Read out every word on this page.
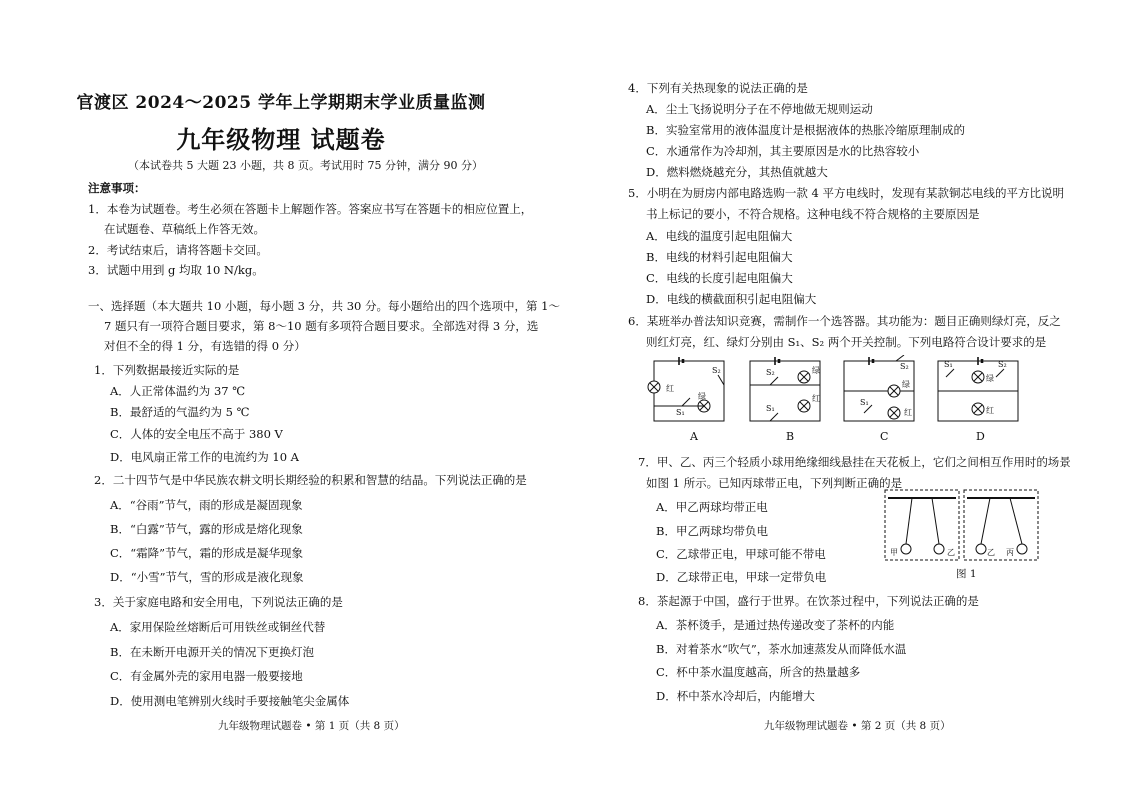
官渡区 2024～2025 学年上学期期末学业质量监测
九年级物理 试题卷
（本试卷共 5 大题 23 小题，共 8 页。考试用时 75 分钟，满分 90 分）
注意事项：
1．本卷为试题卷。考生必须在答题卡上解题作答。答案应书写在答题卡的相应位置上，
在试题卷、草稿纸上作答无效。
2．考试结束后，请将答题卡交回。
3．试题中用到 g 均取 10 N/kg。
一、选择题（本大题共 10 小题，每小题 3 分，共 30 分。每小题给出的四个选项中，第 1～
7 题只有一项符合题目要求，第 8～10 题有多项符合题目要求。全部选对得 3 分，选
对但不全的得 1 分，有选错的得 0 分）
1．下列数据最接近实际的是
A．人正常体温约为 37 ℃
B．最舒适的气温约为 5 ℃
C．人体的安全电压不高于 380 V
D．电风扇正常工作的电流约为 10 A
2．二十四节气是中华民族农耕文明长期经验的积累和智慧的结晶。下列说法正确的是
A．“谷雨”节气，雨的形成是凝固现象
B．“白露”节气，露的形成是熔化现象
C．“霜降”节气，霜的形成是凝华现象
D．“小雪”节气，雪的形成是液化现象
3．关于家庭电路和安全用电，下列说法正确的是
A．家用保险丝熔断后可用铁丝或铜丝代替
B．在未断开电源开关的情况下更换灯泡
C．有金属外壳的家用电器一般要接地
D．使用测电笔辨别火线时手要接触笔尖金属体
九年级物理试题卷 • 第 1 页（共 8 页）
4．下列有关热现象的说法正确的是
A．尘土飞扬说明分子在不停地做无规则运动
B．实验室常用的液体温度计是根据液体的热胀冷缩原理制成的
C．水通常作为冷却剂，其主要原因是水的比热容较小
D．燃料燃烧越充分，其热值就越大
5．小明在为厨房内部电路选购一款 4 平方电线时，发现有某款铜芯电线的平方比说明
书上标记的要小，不符合规格。这种电线不符合规格的主要原因是
A．电线的温度引起电阻偏大
B．电线的材料引起电阻偏大
C．电线的长度引起电阻偏大
D．电线的横截面积引起电阻偏大
6．某班举办普法知识竞赛，需制作一个选答器。其功能为：题目正确则绿灯亮，反之
则红灯亮，红、绿灯分别由 S₁、S₂ 两个开关控制。下列电路符合设计要求的是
红
绿
S₂
S₁
绿
红
S₂
S₁
绿
红
S₂
S₁
绿
红
S₁	S₂
A	B	C	D
7．甲、乙、丙三个轻质小球用绝缘细线悬挂在天花板上，它们之间相互作用时的场景
如图 1 所示。已知丙球带正电，下列判断正确的是
A．甲乙两球均带正电
B．甲乙两球均带负电
C．乙球带正电，甲球可能不带电
D．乙球带正电，甲球一定带负电
甲	乙	乙 丙
图 1
8．茶起源于中国，盛行于世界。在饮茶过程中，下列说法正确的是
A．茶杯烫手，是通过热传递改变了茶杯的内能
B．对着茶水“吹气”，茶水加速蒸发从而降低水温
C．杯中茶水温度越高，所含的热量越多
D．杯中茶水冷却后，内能增大
九年级物理试题卷 • 第 2 页（共 8 页）
